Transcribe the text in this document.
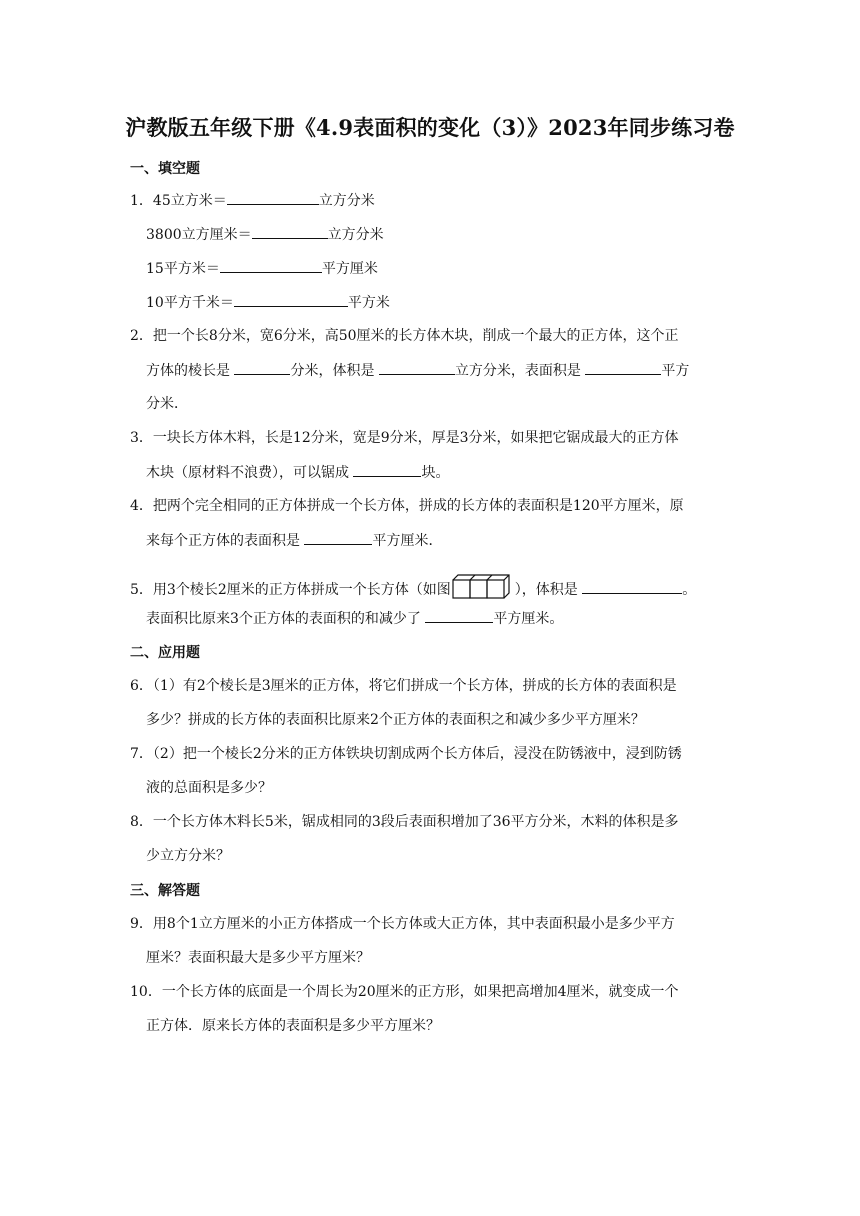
沪教版五年级下册《4.9表面积的变化（3）》2023年同步练习卷
一、填空题
1．45立方米＝	立方分米
3800立方厘米＝	立方分米
15平方米＝	平方厘米
10平方千米＝	平方米
2．把一个长8分米，宽6分米，高50厘米的长方体木块，削成一个最大的正方体，这个正
方体的棱长是	分米，体积是	立方分米，表面积是	平方
分米．
3．一块长方体木料，长是12分米，宽是9分米，厚是3分米，如果把它锯成最大的正方体
木块（原材料不浪费），可以锯成	块。
4．把两个完全相同的正方体拼成一个长方体，拼成的长方体的表面积是120平方厘米，原
来每个正方体的表面积是	平方厘米．
5．用3个棱长2厘米的正方体拼成一个长方体（如图	），体积是	。
表面积比原来3个正方体的表面积的和减少了	平方厘米。
二、应用题
6．（1）有2个棱长是3厘米的正方体，将它们拼成一个长方体，拼成的长方体的表面积是
多少？拼成的长方体的表面积比原来2个正方体的表面积之和减少多少平方厘米？
7．（2）把一个棱长2分米的正方体铁块切割成两个长方体后，浸没在防锈液中，浸到防锈
液的总面积是多少？
8．一个长方体木料长5米，锯成相同的3段后表面积增加了36平方分米，木料的体积是多
少立方分米？
三、解答题
9．用8个1立方厘米的小正方体搭成一个长方体或大正方体，其中表面积最小是多少平方
厘米？表面积最大是多少平方厘米？
10．一个长方体的底面是一个周长为20厘米的正方形，如果把高增加4厘米，就变成一个
正方体．原来长方体的表面积是多少平方厘米？
